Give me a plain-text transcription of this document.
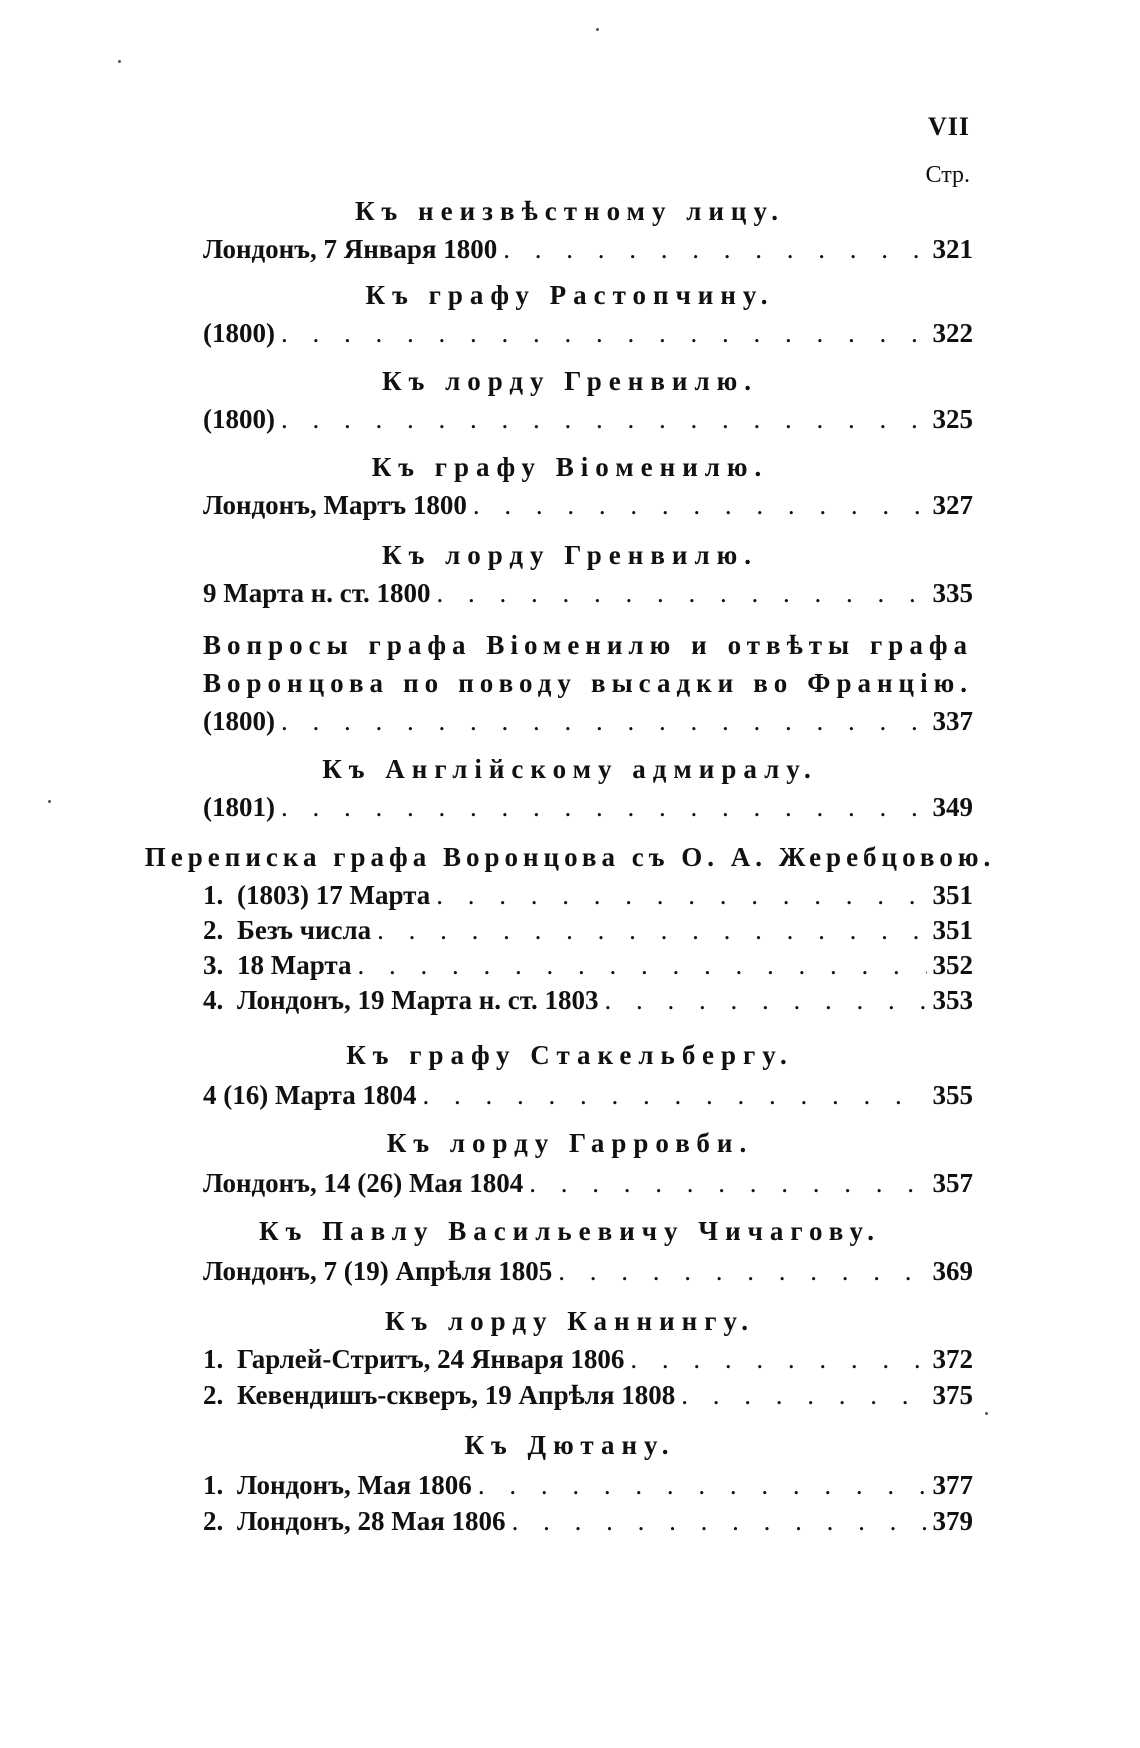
VII
Стр.
Къ неизвѣстному лицу.
Лондонъ, 7 Января 1800 . . .	321
Къ графу Растопчину.
(1800) . . .	322
Къ лорду Гренвилю.
(1800) . . .	325
Къ графу Віоменилю.
Лондонъ, Мартъ 1800 . . .	327
Къ лорду Гренвилю.
9 Марта н. ст. 1800 . . .	335
Вопросы графа Віоменилю и отвѣты графа
Воронцова по поводу высадки во Францію.
(1800) . . .	337
Къ Англійскому адмиралу.
(1801) . . .	349
Переписка графа Воронцова съ О. А. Жеребцовою.
1. (1803) 17 Марта . . .	351
2. Безъ числа . . .	351
3. 18 Марта . . .	352
4. Лондонъ, 19 Марта н. ст. 1803 . . .	353
Къ графу Стакельбергу.
4 (16) Марта 1804 . . .	355
Къ лорду Гарровби.
Лондонъ, 14 (26) Мая 1804 . . .	357
Къ Павлу Васильевичу Чичагову.
Лондонъ, 7 (19) Апрѣля 1805 . . .	369
Къ лорду Каннингу.
1. Гарлей-Стритъ, 24 Января 1806 . . .	372
2. Кевендишъ-скверъ, 19 Апрѣля 1808 . . .	375
Къ Дютану.
1. Лондонъ, Мая 1806 . . .	377
2. Лондонъ, 28 Мая 1806 . . .	379
